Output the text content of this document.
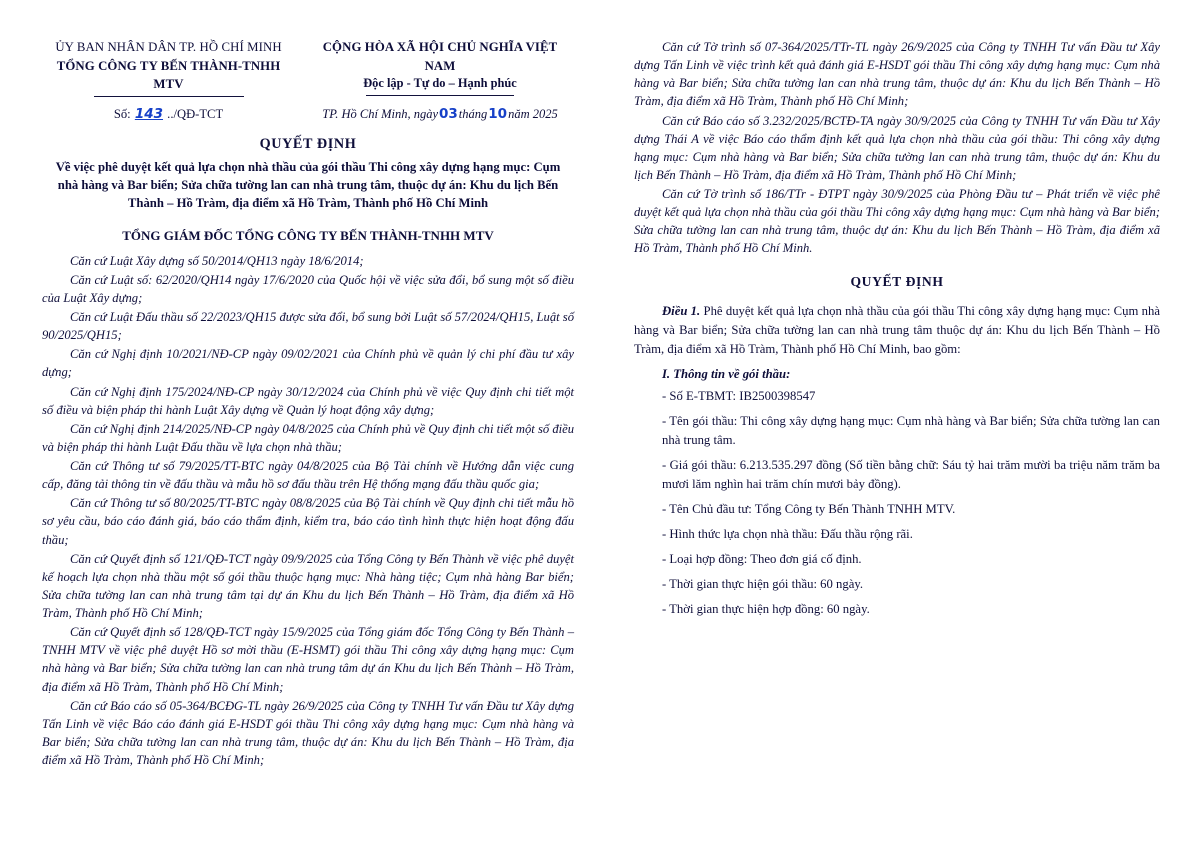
ỦY BAN NHÂN DÂN TP. HỒ CHÍ MINH
TỔNG CÔNG TY BẾN THÀNH-TNHH MTV
CỘNG HÒA XÃ HỘI CHỦ NGHĨA VIỆT NAM
Độc lập - Tự do – Hạnh phúc
Số: 143 ../QĐ-TCT	TP. Hồ Chí Minh, ngày03tháng10năm 2025
QUYẾT ĐỊNH
Về việc phê duyệt kết quả lựa chọn nhà thầu của gói thầu Thi công xây dựng hạng mục: Cụm nhà hàng và Bar biển; Sửa chữa tường lan can nhà trung tâm, thuộc dự án: Khu du lịch Bến Thành – Hồ Tràm, địa điểm xã Hồ Tràm, Thành phố Hồ Chí Minh
TỔNG GIÁM ĐỐC TỔNG CÔNG TY BẾN THÀNH-TNHH MTV

Căn cứ Luật Xây dựng số 50/2014/QH13 ngày 18/6/2014;

Căn cứ Luật số: 62/2020/QH14 ngày 17/6/2020 của Quốc hội về việc sửa đổi, bổ sung một số điều của Luật Xây dựng;

Căn cứ Luật Đấu thầu số 22/2023/QH15 được sửa đổi, bổ sung bởi Luật số 57/2024/QH15, Luật số 90/2025/QH15;

Căn cứ Nghị định 10/2021/NĐ-CP ngày 09/02/2021 của Chính phủ về quản lý chi phí đầu tư xây dựng;

Căn cứ Nghị định 175/2024/NĐ-CP ngày 30/12/2024 của Chính phủ về việc Quy định chi tiết một số điều và biện pháp thi hành Luật Xây dựng về Quản lý hoạt động xây dựng;

Căn cứ Nghị định 214/2025/NĐ-CP ngày 04/8/2025 của Chính phủ về Quy định chi tiết một số điều và biện pháp thi hành Luật Đấu thầu về lựa chọn nhà thầu;

Căn cứ Thông tư số 79/2025/TT-BTC ngày 04/8/2025 của Bộ Tài chính về Hướng dẫn việc cung cấp, đăng tải thông tin về đấu thầu và mẫu hồ sơ đấu thầu trên Hệ thống mạng đấu thầu quốc gia;

Căn cứ Thông tư số 80/2025/TT-BTC ngày 08/8/2025 của Bộ Tài chính về Quy định chi tiết mẫu hồ sơ yêu cầu, báo cáo đánh giá, báo cáo thẩm định, kiểm tra, báo cáo tình hình thực hiện hoạt động đấu thầu;

Căn cứ Quyết định số 121/QĐ-TCT ngày 09/9/2025 của Tổng Công ty Bến Thành về việc phê duyệt kế hoạch lựa chọn nhà thầu một số gói thầu thuộc hạng mục: Nhà hàng tiệc; Cụm nhà hàng Bar biển; Sửa chữa tường lan can nhà trung tâm tại dự án Khu du lịch Bến Thành – Hồ Tràm, địa điểm xã Hồ Tràm, Thành phố Hồ Chí Minh;

Căn cứ Quyết định số 128/QĐ-TCT ngày 15/9/2025 của Tổng giám đốc Tổng Công ty Bến Thành – TNHH MTV về việc phê duyệt Hồ sơ mời thầu (E-HSMT) gói thầu Thi công xây dựng hạng mục: Cụm nhà hàng và Bar biển; Sửa chữa tường lan can nhà trung tâm dự án Khu du lịch Bến Thành – Hồ Tràm, địa điểm xã Hồ Tràm, Thành phố Hồ Chí Minh;

Căn cứ Báo cáo số 05-364/BCĐG-TL ngày 26/9/2025 của Công ty TNHH Tư vấn Đầu tư Xây dựng Tấn Linh về việc Báo cáo đánh giá E-HSDT gói thầu Thi công xây dựng hạng mục: Cụm nhà hàng và Bar biển; Sửa chữa tường lan can nhà trung tâm, thuộc dự án: Khu du lịch Bến Thành – Hồ Tràm, địa điểm xã Hồ Tràm, Thành phố Hồ Chí Minh;

Căn cứ Tờ trình số 07-364/2025/TTr-TL ngày 26/9/2025 của Công ty TNHH Tư vấn Đầu tư Xây dựng Tấn Linh về việc trình kết quả đánh giá E-HSDT gói thầu Thi công xây dựng hạng mục: Cụm nhà hàng và Bar biển; Sửa chữa tường lan can nhà trung tâm, thuộc dự án: Khu du lịch Bến Thành – Hồ Tràm, địa điểm xã Hồ Tràm, Thành phố Hồ Chí Minh;

Căn cứ Báo cáo số 3.232/2025/BCTĐ-TA ngày 30/9/2025 của Công ty TNHH Tư vấn Đầu tư Xây dựng Thái A về việc Báo cáo thẩm định kết quả lựa chọn nhà thầu của gói thầu: Thi công xây dựng hạng mục: Cụm nhà hàng và Bar biển; Sửa chữa tường lan can nhà trung tâm, thuộc dự án: Khu du lịch Bến Thành – Hồ Tràm, địa điểm xã Hồ Tràm, Thành phố Hồ Chí Minh;

Căn cứ Tờ trình số 186/TTr - ĐTPT ngày 30/9/2025 của Phòng Đầu tư – Phát triển về việc phê duyệt kết quả lựa chọn nhà thầu của gói thầu Thi công xây dựng hạng mục: Cụm nhà hàng và Bar biển; Sửa chữa tường lan can nhà trung tâm, thuộc dự án: Khu du lịch Bến Thành – Hồ Tràm, địa điểm xã Hồ Tràm, Thành phố Hồ Chí Minh.

QUYẾT ĐỊNH

Điều 1. Phê duyệt kết quả lựa chọn nhà thầu của gói thầu Thi công xây dựng hạng mục: Cụm nhà hàng và Bar biển; Sửa chữa tường lan can nhà trung tâm thuộc dự án: Khu du lịch Bến Thành – Hồ Tràm, địa điểm xã Hồ Tràm, Thành phố Hồ Chí Minh, bao gồm:

I. Thông tin về gói thầu:
- Số E-TBMT: IB2500398547
- Tên gói thầu: Thi công xây dựng hạng mục: Cụm nhà hàng và Bar biển; Sửa chữa tường lan can nhà trung tâm.
- Giá gói thầu: 6.213.535.297 đồng (Số tiền bằng chữ: Sáu tỷ hai trăm mười ba triệu năm trăm ba mươi lăm nghìn hai trăm chín mươi bảy đồng).
- Tên Chủ đầu tư: Tổng Công ty Bến Thành TNHH MTV.
- Hình thức lựa chọn nhà thầu: Đấu thầu rộng rãi.
- Loại hợp đồng: Theo đơn giá cố định.
- Thời gian thực hiện gói thầu: 60 ngày.
- Thời gian thực hiện hợp đồng: 60 ngày.
